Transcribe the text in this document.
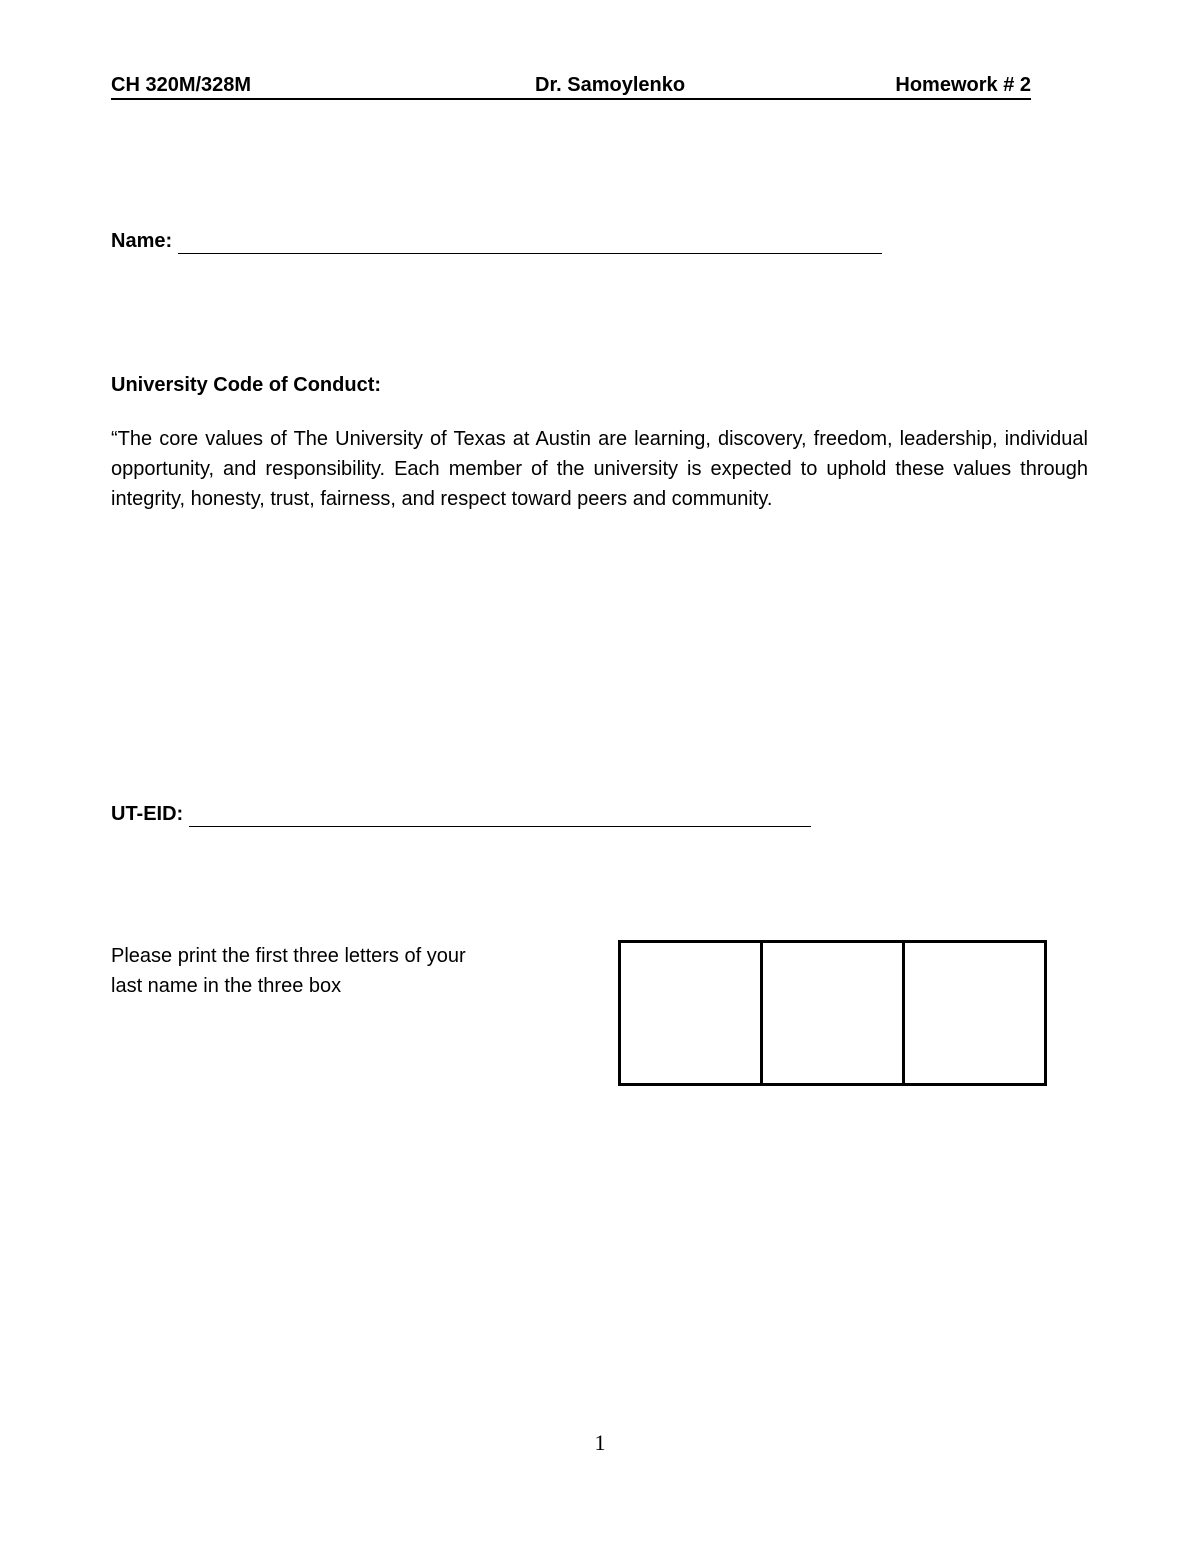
CH 320M/328M	Dr. Samoylenko	Homework # 2
Name:
University Code of Conduct:
“The core values of The University of Texas at Austin are learning, discovery, freedom, leadership, individual opportunity, and responsibility. Each member of the university is expected to uphold these values through integrity, honesty, trust, fairness, and respect toward peers and community.
UT-EID:
Please print the first three letters of your last name in the three box
1
